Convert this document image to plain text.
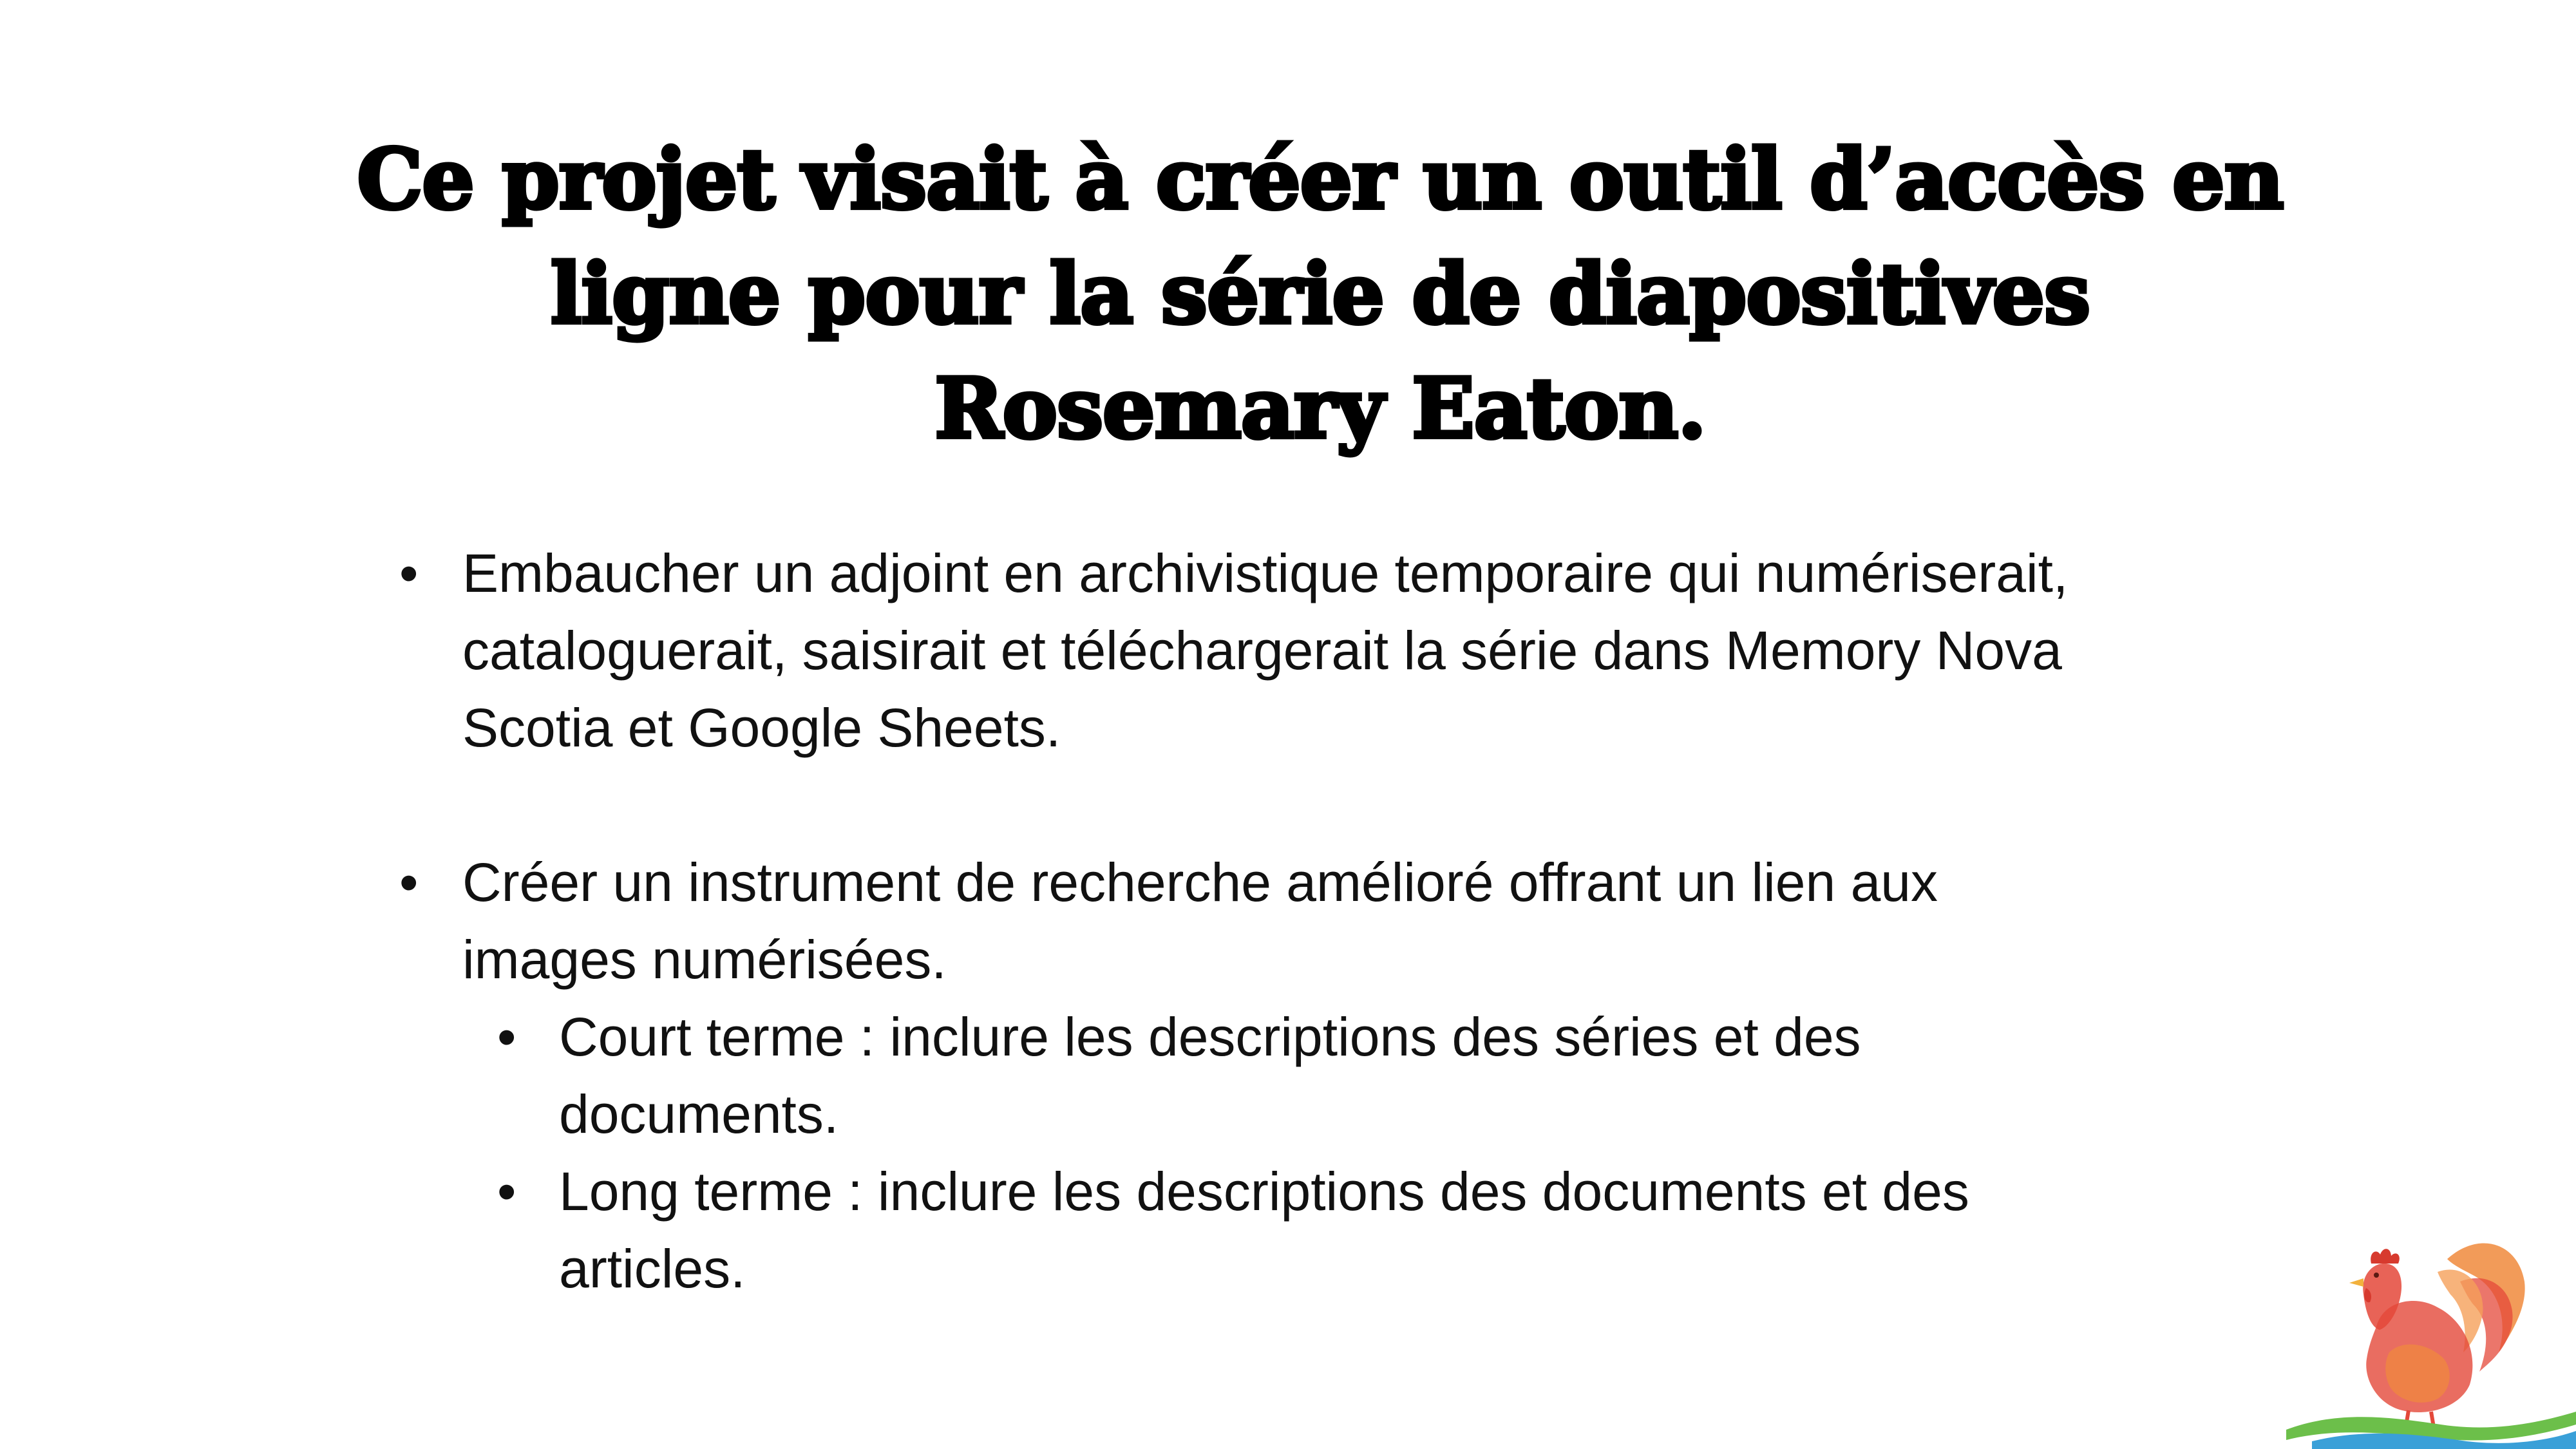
Ce projet visait à créer un outil d’accès en
ligne pour la série de diapositives
Rosemary Eaton.
• Embaucher un adjoint en archivistique temporaire qui numériserait,
cataloguerait, saisirait et téléchargerait la série dans Memory Nova
Scotia et Google Sheets.
• Créer un instrument de recherche amélioré offrant un lien aux
images numérisées.
• Court terme : inclure les descriptions des séries et des
documents.
• Long terme : inclure les descriptions des documents et des
articles.
